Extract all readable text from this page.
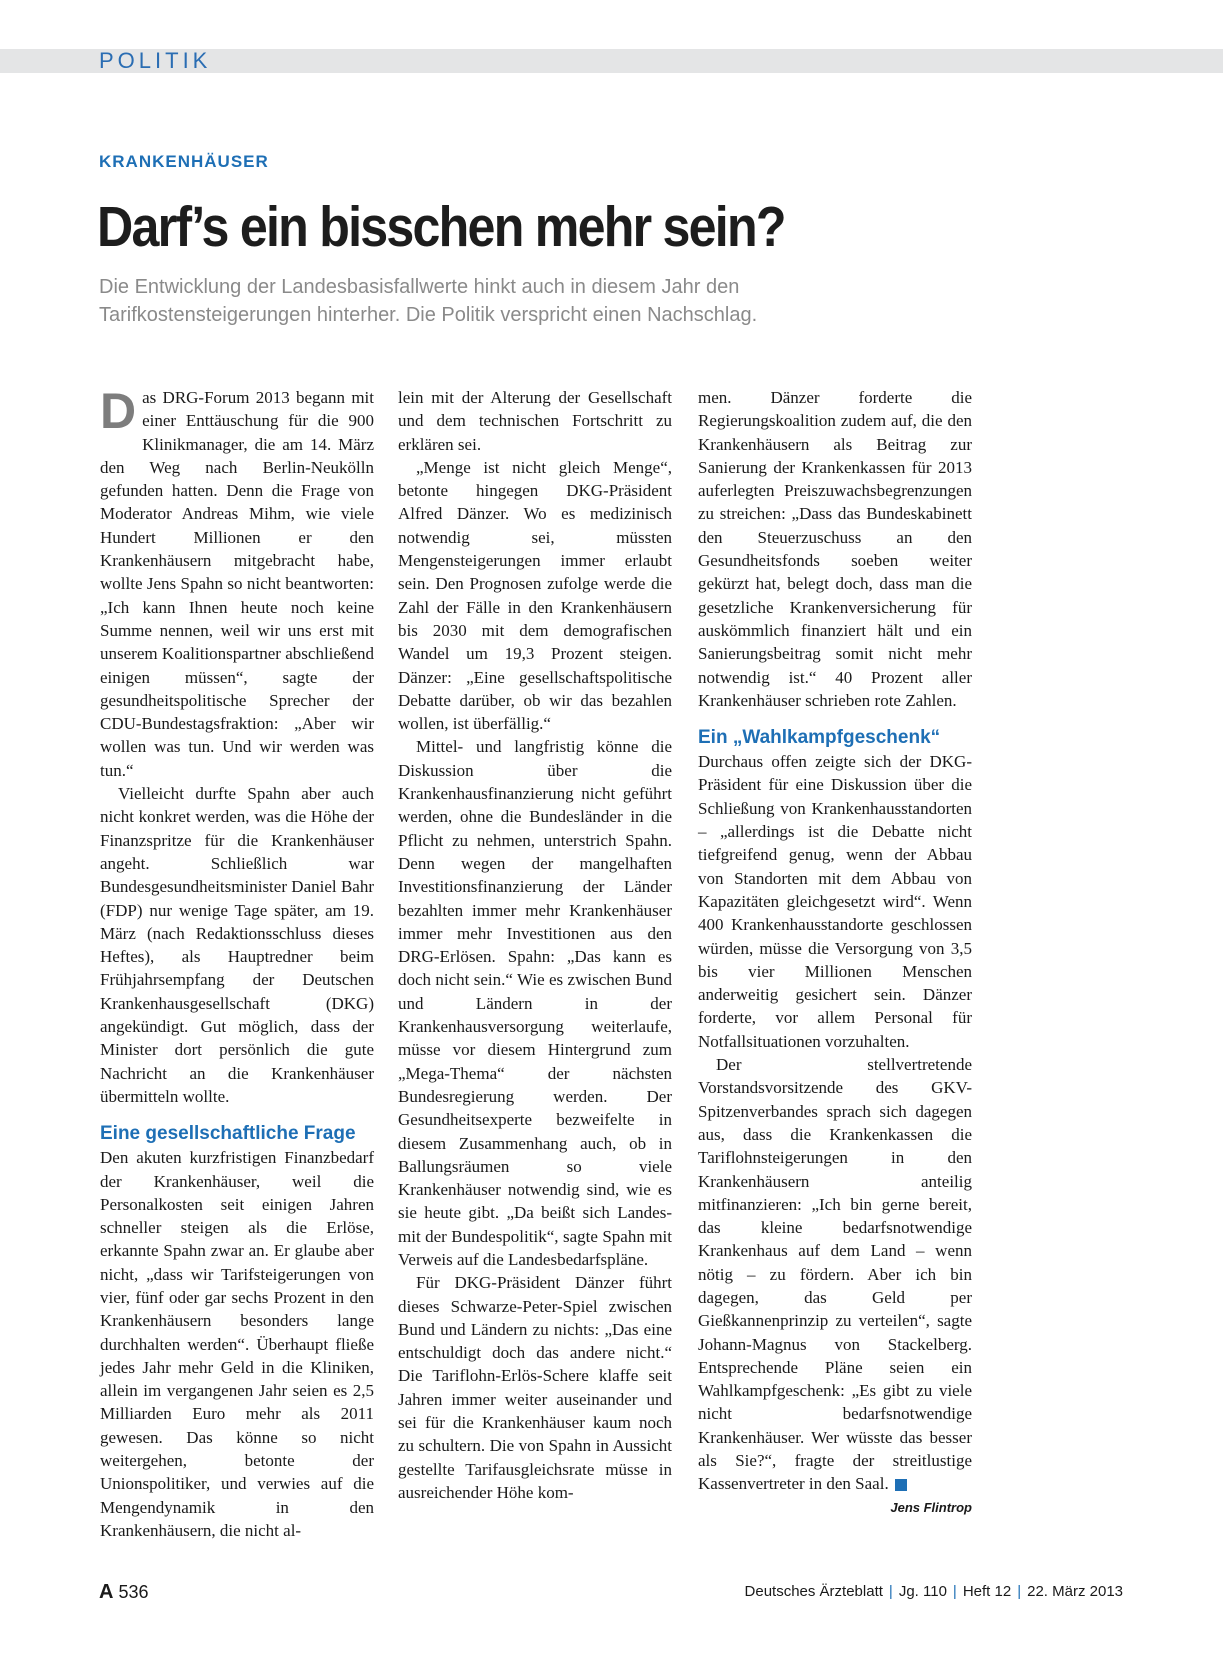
POLITIK
KRANKENHÄUSER
Darf’s ein bisschen mehr sein?
Die Entwicklung der Landesbasisfallwerte hinkt auch in diesem Jahr den Tarifkostensteigerungen hinterher. Die Politik verspricht einen Nachschlag.

Das DRG-Forum 2013 begann mit einer Enttäuschung für die 900 Klinikmanager, die am 14. März den Weg nach Berlin-Neukölln gefunden hatten. Denn die Frage von Moderator Andreas Mihm, wie viele Hundert Millionen er den Krankenhäusern mitgebracht habe, wollte Jens Spahn so nicht beantworten: „Ich kann Ihnen heute noch keine Summe nennen, weil wir uns erst mit unserem Koalitionspartner abschließend einigen müssen“, sagte der gesundheitspolitische Sprecher der CDU-Bundestagsfraktion: „Aber wir wollen was tun. Und wir werden was tun.“

Vielleicht durfte Spahn aber auch nicht konkret werden, was die Höhe der Finanzspritze für die Krankenhäuser angeht. Schließlich war Bundesgesundheitsminister Daniel Bahr (FDP) nur wenige Tage später, am 19. März (nach Redaktionsschluss dieses Heftes), als Hauptredner beim Frühjahrsempfang der Deutschen Krankenhausgesellschaft (DKG) angekündigt. Gut möglich, dass der Minister dort persönlich die gute Nachricht an die Krankenhäuser übermitteln wollte.

Eine gesellschaftliche Frage

Den akuten kurzfristigen Finanzbedarf der Krankenhäuser, weil die Personalkosten seit einigen Jahren schneller steigen als die Erlöse, erkannte Spahn zwar an. Er glaube aber nicht, „dass wir Tarifsteigerungen von vier, fünf oder gar sechs Prozent in den Krankenhäusern besonders lange durchhalten werden“. Überhaupt fließe jedes Jahr mehr Geld in die Kliniken, allein im vergangenen Jahr seien es 2,5 Milliarden Euro mehr als 2011 gewesen. Das könne so nicht weitergehen, betonte der Unionspolitiker, und verwies auf die Mengendynamik in den Krankenhäusern, die nicht al-

lein mit der Alterung der Gesellschaft und dem technischen Fortschritt zu erklären sei.

„Menge ist nicht gleich Menge“, betonte hingegen DKG-Präsident Alfred Dänzer. Wo es medizinisch notwendig sei, müssten Mengensteigerungen immer erlaubt sein. Den Prognosen zufolge werde die Zahl der Fälle in den Krankenhäusern bis 2030 mit dem demografischen Wandel um 19,3 Prozent steigen. Dänzer: „Eine gesellschaftspolitische Debatte darüber, ob wir das bezahlen wollen, ist überfällig.“

Mittel- und langfristig könne die Diskussion über die Krankenhausfinanzierung nicht geführt werden, ohne die Bundesländer in die Pflicht zu nehmen, unterstrich Spahn. Denn wegen der mangelhaften Investitionsfinanzierung der Länder bezahlten immer mehr Krankenhäuser immer mehr Investitionen aus den DRG-Erlösen. Spahn: „Das kann es doch nicht sein.“ Wie es zwischen Bund und Ländern in der Krankenhausversorgung weiterlaufe, müsse vor diesem Hintergrund zum „Mega-Thema“ der nächsten Bundesregierung werden. Der Gesundheitsexperte bezweifelte in diesem Zusammenhang auch, ob in Ballungsräumen so viele Krankenhäuser notwendig sind, wie es sie heute gibt. „Da beißt sich Landes- mit der Bundespolitik“, sagte Spahn mit Verweis auf die Landesbedarfspläne.

Für DKG-Präsident Dänzer führt dieses Schwarze-Peter-Spiel zwischen Bund und Ländern zu nichts: „Das eine entschuldigt doch das andere nicht.“ Die Tariflohn-Erlös-Schere klaffe seit Jahren immer weiter auseinander und sei für die Krankenhäuser kaum noch zu schultern. Die von Spahn in Aussicht gestellte Tarifausgleichsrate müsse in ausreichender Höhe kom-

men. Dänzer forderte die Regierungskoalition zudem auf, die den Krankenhäusern als Beitrag zur Sanierung der Krankenkassen für 2013 auferlegten Preiszuwachsbegrenzungen zu streichen: „Dass das Bundeskabinett den Steuerzuschuss an den Gesundheitsfonds soeben weiter gekürzt hat, belegt doch, dass man die gesetzliche Krankenversicherung für auskömmlich finanziert hält und ein Sanierungsbeitrag somit nicht mehr notwendig ist.“ 40 Prozent aller Krankenhäuser schrieben rote Zahlen.

Ein „Wahlkampfgeschenk“

Durchaus offen zeigte sich der DKG-Präsident für eine Diskussion über die Schließung von Krankenhausstandorten – „allerdings ist die Debatte nicht tiefgreifend genug, wenn der Abbau von Standorten mit dem Abbau von Kapazitäten gleichgesetzt wird“. Wenn 400 Krankenhausstandorte geschlossen würden, müsse die Versorgung von 3,5 bis vier Millionen Menschen anderweitig gesichert sein. Dänzer forderte, vor allem Personal für Notfallsituationen vorzuhalten.

Der stellvertretende Vorstandsvorsitzende des GKV-Spitzenverbandes sprach sich dagegen aus, dass die Krankenkassen die Tariflohnsteigerungen in den Krankenhäusern anteilig mitfinanzieren: „Ich bin gerne bereit, das kleine bedarfsnotwendige Krankenhaus auf dem Land – wenn nötig – zu fördern. Aber ich bin dagegen, das Geld per Gießkannenprinzip zu verteilen“, sagte Johann-Magnus von Stackelberg. Entsprechende Pläne seien ein Wahlkampfgeschenk: „Es gibt zu viele nicht bedarfsnotwendige Krankenhäuser. Wer wüsste das besser als Sie?“, fragte der streitlustige Kassenvertreter in den Saal.

Jens Flintrop
A 536	Deutsches Ärzteblatt | Jg. 110 | Heft 12 | 22. März 2013
